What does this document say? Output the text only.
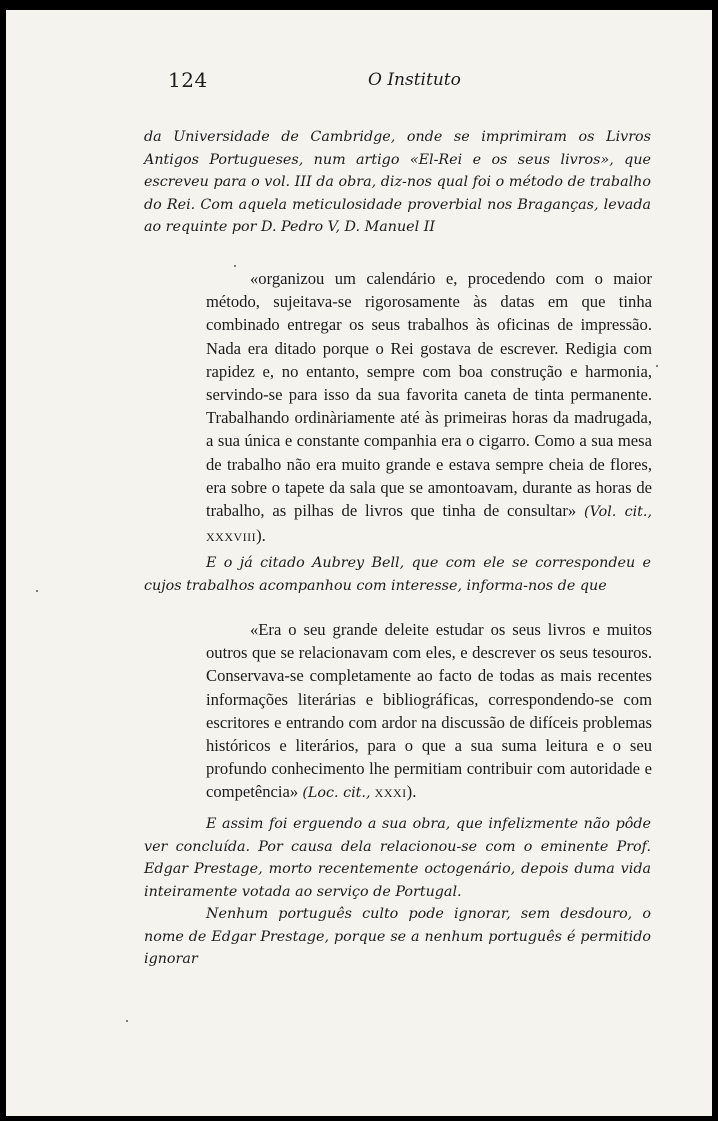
124	O Instituto

da Universidade de Cambridge, onde se imprimiram os Livros Antigos Portugueses, num artigo «El-Rei e os seus livros», que escreveu para o vol. III da obra, diz-nos qual foi o método de trabalho do Rei. Com aquela meticulosidade proverbial nos Braganças, levada ao requinte por D. Pedro V, D. Manuel II

«organizou um calendário e, procedendo com o maior método, sujeitava-se rigorosamente às datas em que tinha combinado entregar os seus trabalhos às oficinas de impressão. Nada era ditado porque o Rei gostava de escrever. Redigia com rapidez e, no entanto, sempre com boa construção e harmonia, servindo-se para isso da sua favorita caneta de tinta permanente. Trabalhando ordinàriamente até às primeiras horas da madrugada, a sua única e constante companhia era o cigarro. Como a sua mesa de trabalho não era muito grande e estava sempre cheia de flores, era sobre o tapete da sala que se amontoavam, durante as horas de trabalho, as pilhas de livros que tinha de consultar» (Vol. cit., xxxviii).

E o já citado Aubrey Bell, que com ele se correspondeu e cujos trabalhos acompanhou com interesse, informa-nos de que

«Era o seu grande deleite estudar os seus livros e muitos outros que se relacionavam com eles, e descrever os seus tesouros. Conservava-se completamente ao facto de todas as mais recentes informações literárias e bibliográficas, correspondendo-se com escritores e entrando com ardor na discussão de difíceis problemas históricos e literários, para o que a sua suma leitura e o seu profundo conhecimento lhe permitiam contribuir com autoridade e competência» (Loc. cit., xxxi).

E assim foi erguendo a sua obra, que infelizmente não pôde ver concluída. Por causa dela relacionou-se com o eminente Prof. Edgar Prestage, morto recentemente octogenário, depois duma vida inteiramente votada ao serviço de Portugal.

Nenhum português culto pode ignorar, sem desdouro, o nome de Edgar Prestage, porque se a nenhum português é permitido ignorar
